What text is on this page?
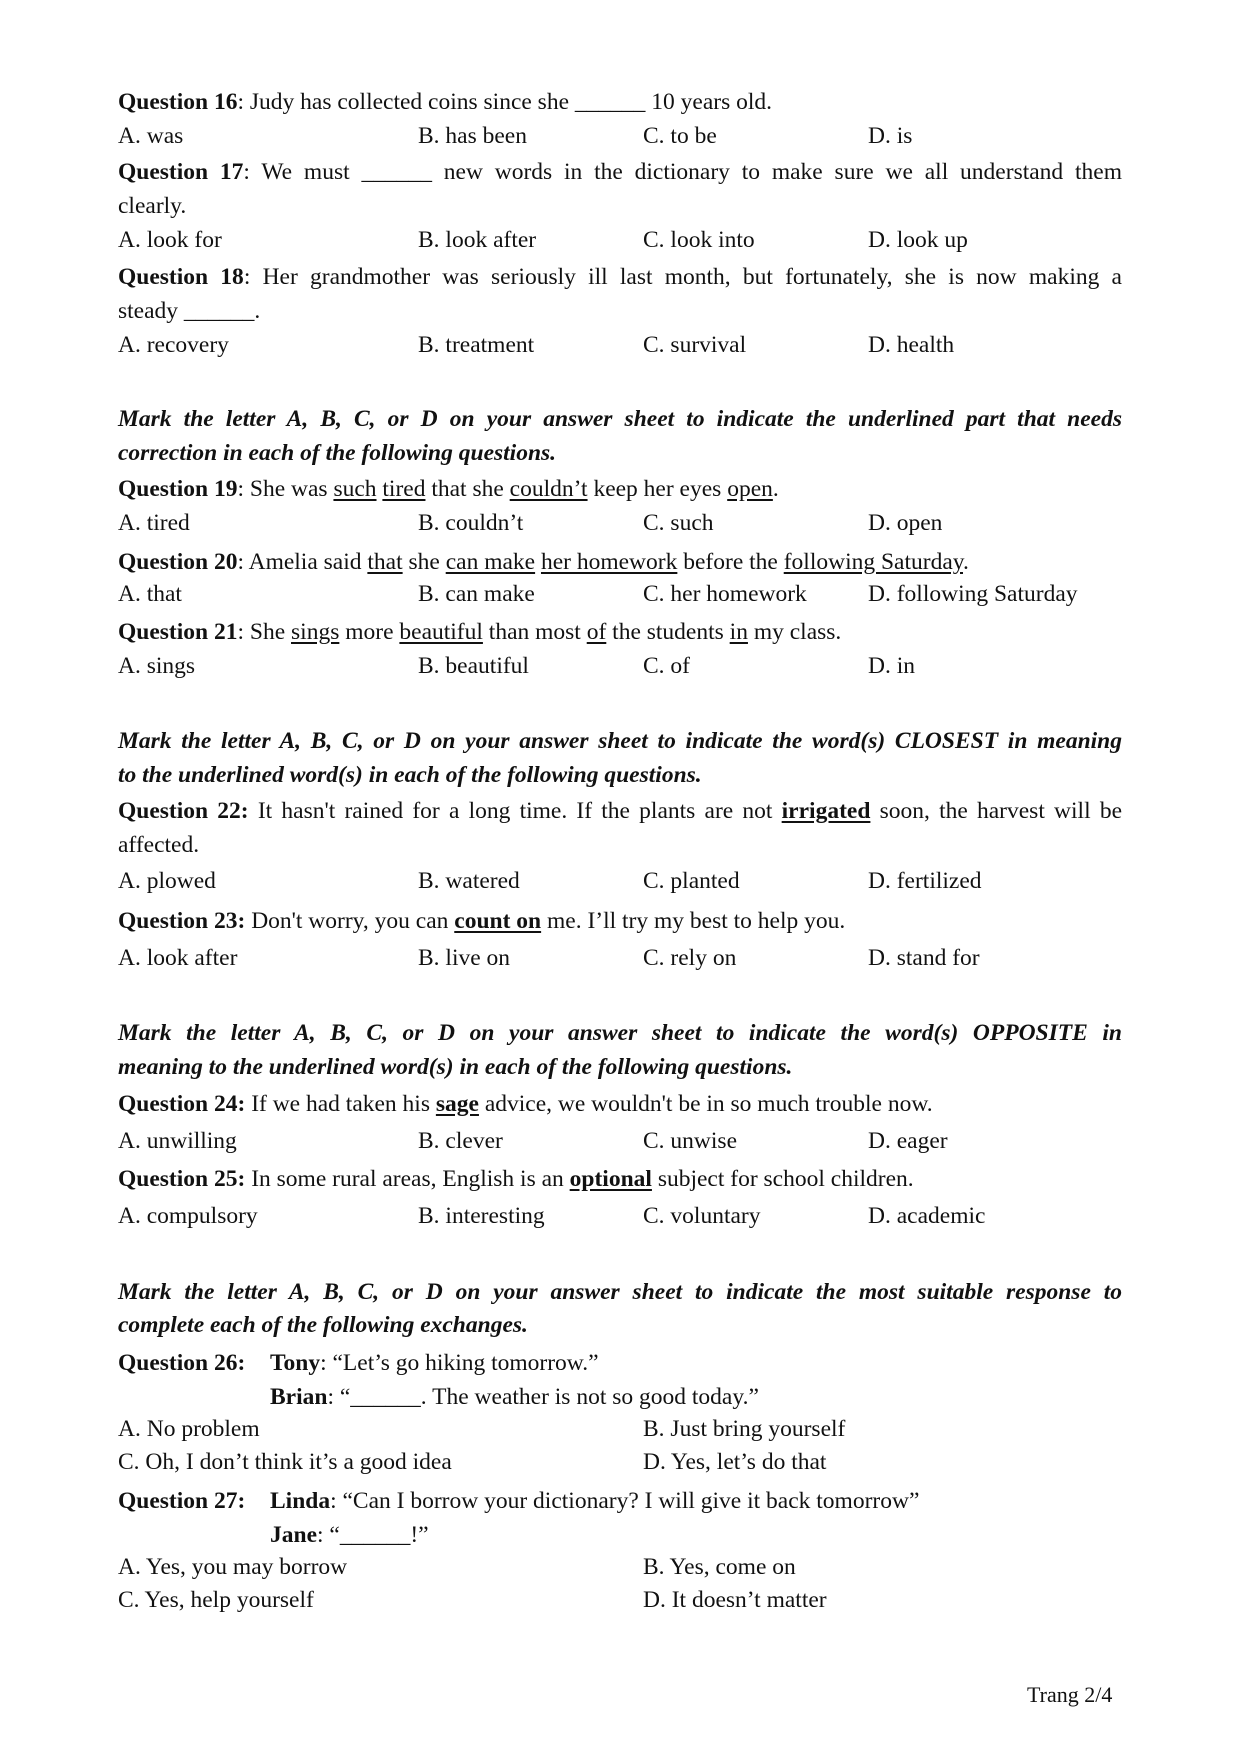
Question 16: Judy has collected coins since she ______ 10 years old.
A. was	B. has been	C. to be	D. is
Question 17: We must ______ new words in the dictionary to make sure we all understand them
clearly.
A. look for	B. look after	C. look into	D. look up
Question 18: Her grandmother was seriously ill last month, but fortunately, she is now making a
steady ______.
A. recovery	B. treatment	C. survival	D. health
Mark the letter A, B, C, or D on your answer sheet to indicate the underlined part that needs
correction in each of the following questions.
Question 19: She was such tired that she couldn’t keep her eyes open.
A. tired	B. couldn’t	C. such	D. open
Question 20: Amelia said that she can make her homework before the following Saturday.
A. that	B. can make	C. her homework	D. following Saturday
Question 21: She sings more beautiful than most of the students in my class.
A. sings	B. beautiful	C. of	D. in
Mark the letter A, B, C, or D on your answer sheet to indicate the word(s) CLOSEST in meaning
to the underlined word(s) in each of the following questions.
Question 22: It hasn't rained for a long time. If the plants are not irrigated soon, the harvest will be
affected.
A. plowed	B. watered	C. planted	D. fertilized
Question 23: Don't worry, you can count on me. I’ll try my best to help you.
A. look after	B. live on	C. rely on	D. stand for
Mark the letter A, B, C, or D on your answer sheet to indicate the word(s) OPPOSITE in
meaning to the underlined word(s) in each of the following questions.
Question 24: If we had taken his sage advice, we wouldn't be in so much trouble now.
A. unwilling	B. clever	C. unwise	D. eager
Question 25: In some rural areas, English is an optional subject for school children.
A. compulsory	B. interesting	C. voluntary	D. academic
Mark the letter A, B, C, or D on your answer sheet to indicate the most suitable response to
complete each of the following exchanges.
Question 26: Tony: “Let’s go hiking tomorrow.”
Brian: “______. The weather is not so good today.”
A. No problem	B. Just bring yourself
C. Oh, I don’t think it’s a good idea	D. Yes, let’s do that
Question 27: Linda: “Can I borrow your dictionary? I will give it back tomorrow”
Jane: “______!”
A. Yes, you may borrow	B. Yes, come on
C. Yes, help yourself	D. It doesn’t matter
Trang 2/4
